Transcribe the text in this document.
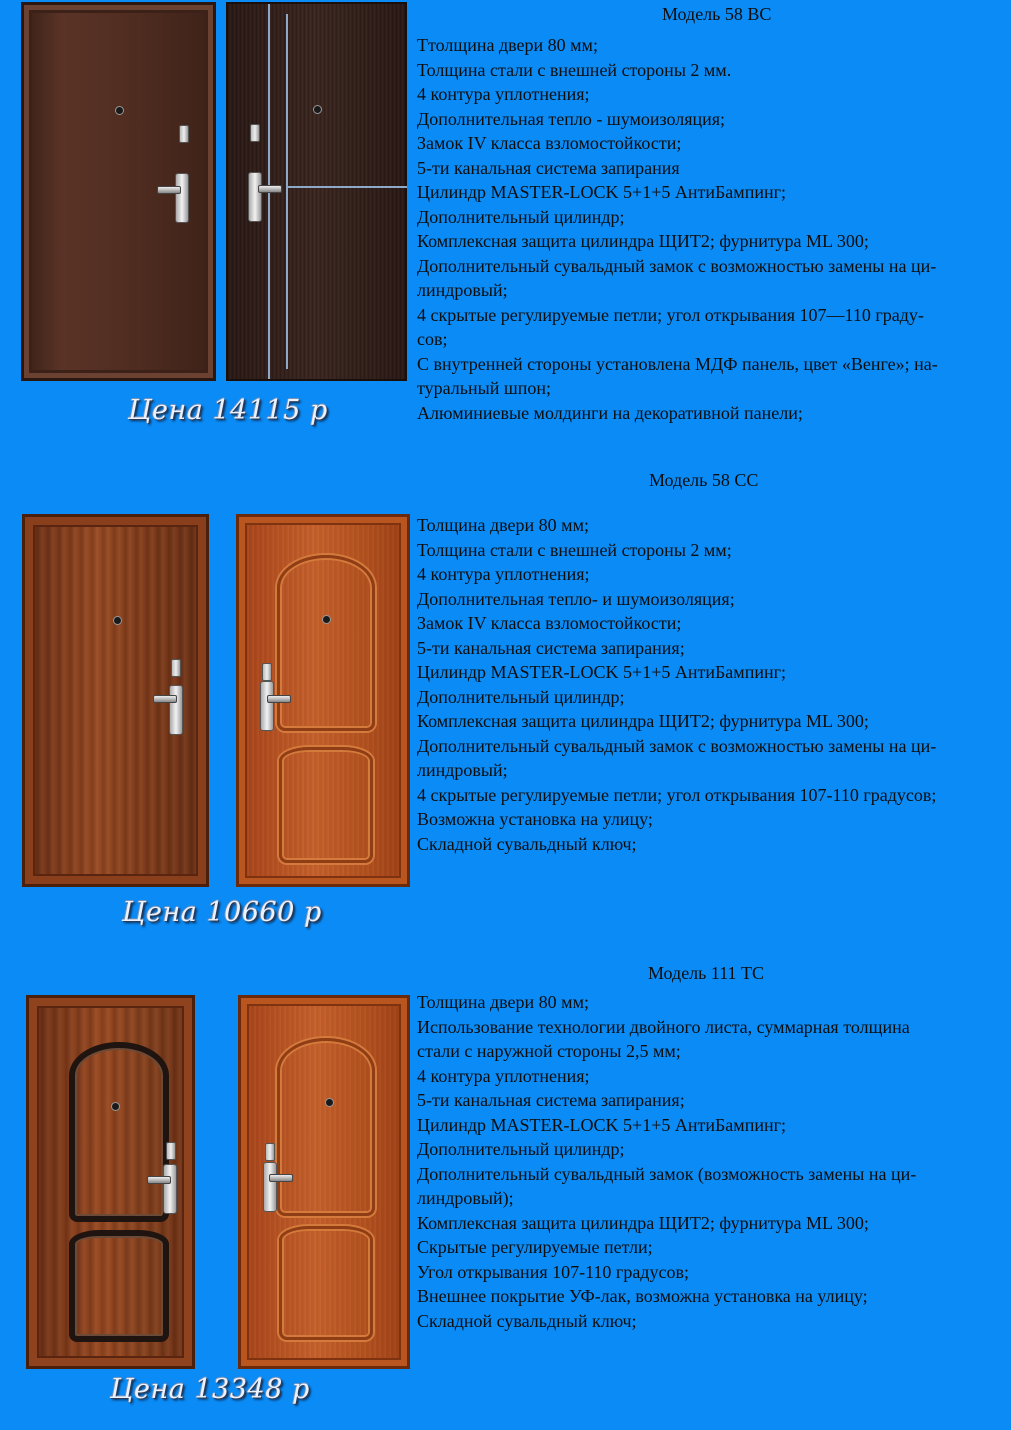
Цена 14115 р
Модель 58 ВС
Ттолщина двери 80 мм;
Толщина стали с внешней стороны 2 мм.
4 контура уплотнения;
Дополнительная тепло - шумоизоляция;
Замок IV класса взломостойкости;
5-ти канальная система запирания
Цилиндр MASTER-LOCK 5+1+5 АнтиБампинг;
Дополнительный цилиндр;
Комплексная защита цилиндра ЩИТ2; фурнитура ML 300;
Дополнительный сувальдный замок с возможностью замены на ци-
линдровый;
4 скрытые регулируемые петли; угол открывания 107—110 граду-
сов;
С внутренней стороны установлена МДФ панель, цвет «Венге»; на-
туральный шпон;
Алюминиевые молдинги на декоративной панели;
Цена 10660 р
Модель 58 СС
Толщина двери 80 мм;
Толщина стали с внешней стороны 2 мм;
4 контура уплотнения;
Дополнительная тепло- и шумоизоляция;
Замок IV класса взломостойкости;
5-ти канальная система запирания;
Цилиндр MASTER-LOCK 5+1+5 АнтиБампинг;
Дополнительный цилиндр;
Комплексная защита цилиндра ЩИТ2; фурнитура ML 300;
Дополнительный сувальдный замок с возможностью замены на ци-
линдровый;
4 скрытые регулируемые петли; угол открывания 107-110 градусов;
Возможна установка на улицу;
Складной сувальдный ключ;
Цена 13348 р
Модель 111 ТС
Толщина двери 80 мм;
Использование технологии двойного листа, суммарная толщина
стали с наружной стороны 2,5 мм;
4 контура уплотнения;
5-ти канальная система запирания;
Цилиндр MASTER-LOCK 5+1+5 АнтиБампинг;
Дополнительный цилиндр;
Дополнительный сувальдный замок (возможность замены на ци-
линдровый);
Комплексная защита цилиндра ЩИТ2; фурнитура ML 300;
Скрытые регулируемые петли;
Угол открывания 107-110 градусов;
Внешнее покрытие УФ-лак, возможна установка на улицу;
Складной сувальдный ключ;
